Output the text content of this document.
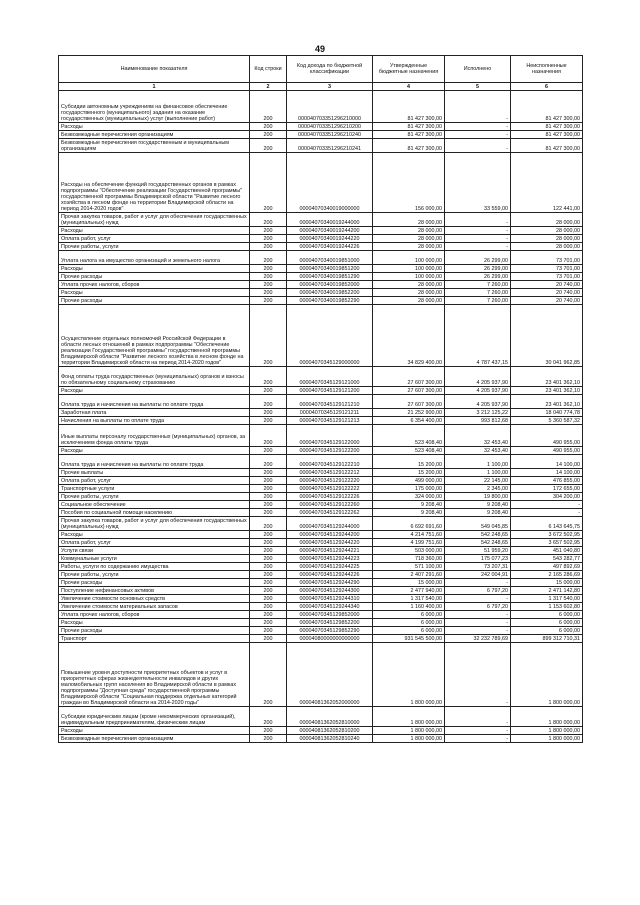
49
Наименование показателя	Код строки	Код дохода по бюджетной классификации	Утвержденные бюджетные назначения	Исполнено	Неисполненные назначения
1	2	3	4	5	6
Субсидии автономным учреждениям на финансовое обеспечение государственного (муниципального) задания на оказание государственных (муниципальных) услуг (выполнение работ)	200	000040703351296210000	81 427 300,00	-	81 427 300,00
Расходы	200	000040703351296210200	81 427 300,00	-	81 427 300,00
Безвозмездные перечисления организациям	200	000040703351296210240	81 427 300,00	-	81 427 300,00
Безвозмездные перечисления государственным и муниципальным организациям	200	000040703351296210241	81 427 300,00	-	81 427 300,00
Расходы на обеспечение функций государственных органов в рамках подпрограммы "Обеспечение реализации Государственной программы" государственной программы Владимирской области "Развитие лесного хозяйства в лесном фонде на территории Владимирской области на период 2014-2020 годов"	200	00004070340019000000	156 000,00	33 559,00	122 441,00
Прочая закупка товаров, работ и услуг для обеспечения государственных (муниципальных) нужд	200	00004070340019244000	28 000,00	-	28 000,00
Расходы	200	00004070340019244200	28 000,00	-	28 000,00
Оплата работ, услуг	200	00004070340019244220	28 000,00	-	28 000,00
Прочие работы, услуги	200	00004070340019244226	28 000,00	-	28 000,00
Уплата налога на имущество организаций и земельного налога	200	00004070340019851000	100 000,00	26 299,00	73 701,00
Расходы	200	00004070340019851200	100 000,00	26 299,00	73 701,00
Прочие расходы	200	00004070340019851290	100 000,00	26 299,00	73 701,00
Уплата прочих налогов, сборов	200	00004070340019852000	28 000,00	7 260,00	20 740,00
Расходы	200	00004070340019852200	28 000,00	7 260,00	20 740,00
Прочие расходы	200	00004070340019852290	28 000,00	7 260,00	20 740,00
Осуществление отдельных полномочий Российской Федерации в области лесных отношений в рамках подпрограммы "Обеспечение реализации Государственной программы" государственной программы Владимирской области "Развитие лесного хозяйства в лесном фонде на территории Владимирской области на период 2014-2020 годов"	200	00004070345129000000	34 829 400,00	4 787 437,15	30 041 962,85
Фонд оплаты труда государственных (муниципальных) органов и взносы по обязательному социальному страхованию	200	00004070345129121000	27 607 300,00	4 205 937,90	23 401 362,10
Расходы	200	00004070345129121200	27 607 300,00	4 205 937,90	23 401 362,10
Оплата труда и начисления на выплаты по оплате труда	200	00004070345129121210	27 607 300,00	4 205 937,90	23 401 362,10
Заработная плата	200	00004070345129121211	21 252 900,00	3 212 125,22	18 040 774,78
Начисления на выплаты по оплате труда	200	00004070345129121213	6 354 400,00	993 812,68	5 360 587,32
Иные выплаты персоналу государственных (муниципальных) органов, за исключением фонда оплаты труда	200	00004070345129122000	523 408,40	32 453,40	490 955,00
Расходы	200	00004070345129122200	523 408,40	32 453,40	490 955,00
Оплата труда и начисления на выплаты по оплате труда	200	00004070345129122210	15 200,00	1 100,00	14 100,00
Прочие выплаты	200	00004070345129122212	15 200,00	1 100,00	14 100,00
Оплата работ, услуг	200	00004070345129122220	499 000,00	22 145,00	476 855,00
Транспортные услуги	200	00004070345129122222	175 000,00	2 345,00	172 655,00
Прочие работы, услуги	200	00004070345129122226	324 000,00	19 800,00	304 200,00
Социальное обеспечение	200	00004070345129122260	9 208,40	9 208,40	-
Пособия по социальной помощи населению	200	00004070345129122262	9 208,40	9 208,40	-
Прочая закупка товаров, работ и услуг для обеспечения государственных (муниципальных) нужд	200	00004070345129244000	6 692 691,60	549 045,85	6 143 645,75
Расходы	200	00004070345129244200	4 214 751,60	542 248,65	3 672 502,95
Оплата работ, услуг	200	00004070345129244220	4 199 751,60	542 248,65	3 657 502,95
Услуги связи	200	00004070345129244221	503 000,00	51 959,20	451 040,80
Коммунальные услуги	200	00004070345129244223	718 360,00	175 077,23	543 282,77
Работы, услуги по содержанию имущества	200	00004070345129244225	571 100,00	73 207,31	497 892,69
Прочие работы, услуги	200	00004070345129244226	2 407 291,60	242 004,91	2 165 286,69
Прочие расходы	200	00004070345129244290	15 000,00	-	15 000,00
Поступление нефинансовых активов	200	00004070345129244300	2 477 940,00	6 797,20	2 471 142,80
Увеличение стоимости основных средств	200	00004070345129244310	1 317 540,00	-	1 317 540,00
Увеличение стоимости материальных запасов	200	00004070345129244340	1 160 400,00	6 797,20	1 153 602,80
Уплата прочих налогов, сборов	200	00004070345129852000	6 000,00	-	6 000,00
Расходы	200	00004070345129852200	6 000,00	-	6 000,00
Прочие расходы	200	00004070345129852290	6 000,00	-	6 000,00
Транспорт	200	00004080000000000000	931 545 500,00	32 232 789,69	899 312 710,31
Повышение уровня доступности приоритетных объектов и услуг в приоритетных сферах жизнедеятельности инвалидов и других маломобильных групп населения во Владимирской области в рамках подпрограммы "Доступная среда" государственной программы Владимирской области "Социальная поддержка отдельных категорий граждан во Владимирской области на 2014-2020 годы"	200	00004081362052000000	1 800 000,00	-	1 800 000,00
Субсидии юридическим лицам (кроме некоммерческих организаций), индивидуальным предпринимателям, физическим лицам	200	00004081362052810000	1 800 000,00	-	1 800 000,00
Расходы	200	00004081362052810200	1 800 000,00	-	1 800 000,00
Безвозмездные перечисления организациям	200	00004081362052810240	1 800 000,00	-	1 800 000,00
